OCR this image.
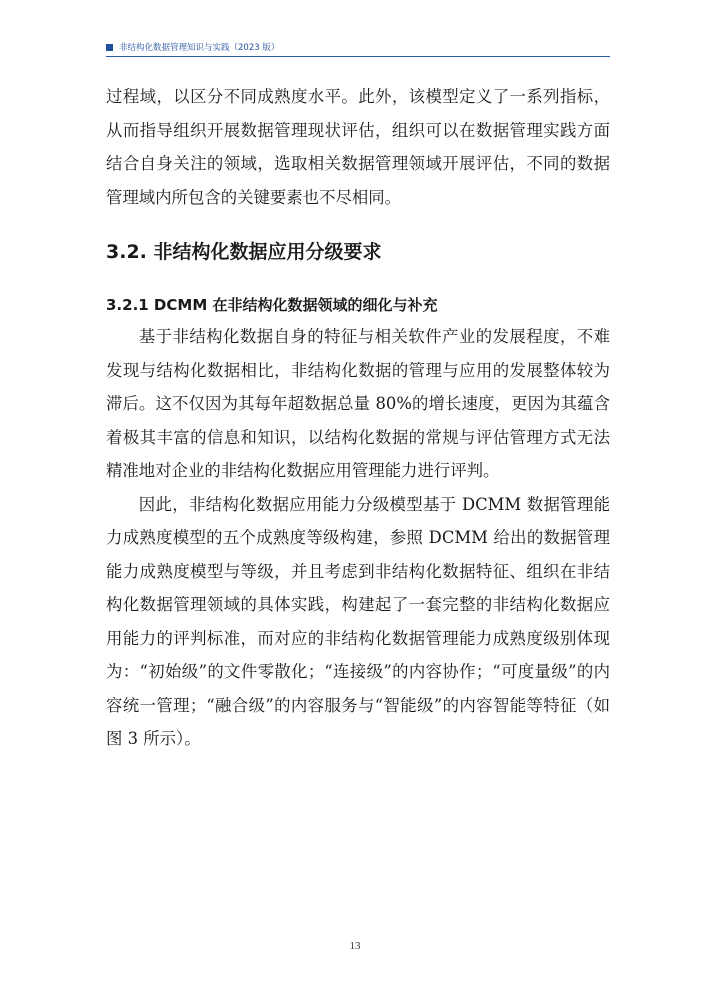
非结构化数据管理知识与实践（2023 版）

过程域，以区分不同成熟度水平。此外，该模型定义了一系列指标，从而指导组织开展数据管理现状评估，组织可以在数据管理实践方面结合自身关注的领域，选取相关数据管理领域开展评估，不同的数据管理域内所包含的关键要素也不尽相同。

3.2. 非结构化数据应用分级要求
3.2.1 DCMM 在非结构化数据领域的细化与补充

基于非结构化数据自身的特征与相关软件产业的发展程度，不难发现与结构化数据相比，非结构化数据的管理与应用的发展整体较为滞后。这不仅因为其每年超数据总量 80%的增长速度，更因为其蕴含着极其丰富的信息和知识，以结构化数据的常规与评估管理方式无法精准地对企业的非结构化数据应用管理能力进行评判。

因此，非结构化数据应用能力分级模型基于 DCMM 数据管理能力成熟度模型的五个成熟度等级构建，参照 DCMM 给出的数据管理能力成熟度模型与等级，并且考虑到非结构化数据特征、组织在非结构化数据管理领域的具体实践，构建起了一套完整的非结构化数据应用能力的评判标准，而对应的非结构化数据管理能力成熟度级别体现为：“初始级”的文件零散化；“连接级”的内容协作；“可度量级”的内容统一管理；“融合级”的内容服务与“智能级”的内容智能等特征（如图 3 所示）。

13
